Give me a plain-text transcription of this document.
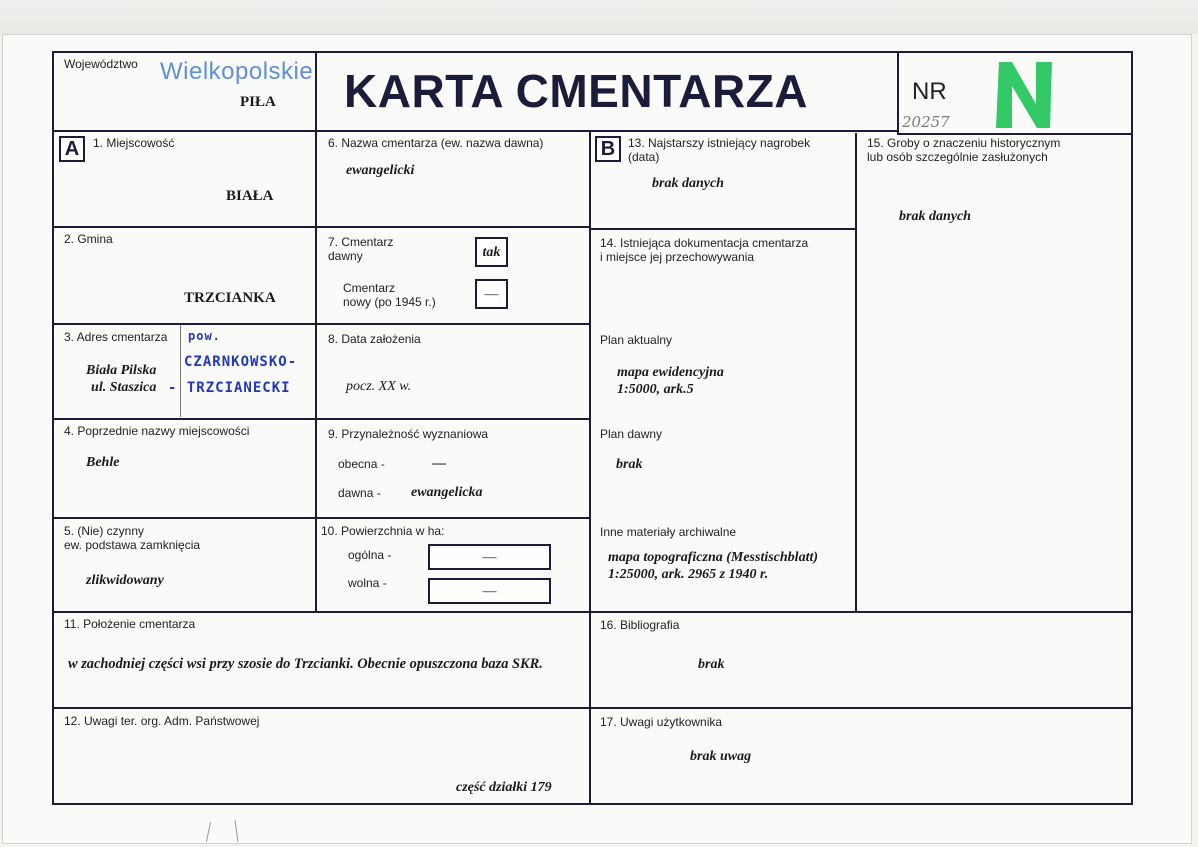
Województwo Wielkopolskie
PIŁA KARTA CMENTARZA	NR
20257
A	B
1. Miejscowość
BIAŁA
6. Nazwa cmentarza (ew. nazwa dawna)
ewangelicki
13. Najstarszy istniejący nagrobek
(data)
brak danych
15. Groby o znaczeniu historycznym
lub osób szczególnie zasłużonych
brak danych
2. Gmina
TRZCIANKA
7. Cmentarz
dawny	tak
Cmentarz
nowy (po 1945 r.)	—
14. Istniejąca dokumentacja cmentarza
i miejsce jej przechowywania
Plan aktualny
mapa ewidencyjna
1:5000, ark.5
Plan dawny
brak
Inne materiały archiwalne
mapa topograficzna (Messtischblatt)
1:25000, ark. 2965 z 1940 r.
3. Adres cmentarza
Biała Pilska
ul. Staszica
pow.
CZARNKOWSKO-
- TRZCIANECKI
8. Data założenia
pocz. XX w.
4. Poprzednie nazwy miejscowości
Behle
9. Przynależność wyznaniowa
obecna -	—
dawna - ewangelicka
5. (Nie) czynny
ew. podstawa zamknięcia
zlikwidowany
10. Powierzchnia w ha:
ogólna -	—
wolna -
—
11. Położenie cmentarza
w zachodniej części wsi przy szosie do Trzcianki. Obecnie opuszczona baza SKR.
16. Bibliografia
brak
12. Uwagi ter. org. Adm. Państwowej
część działki 179
17. Uwagi użytkownika
brak uwag
